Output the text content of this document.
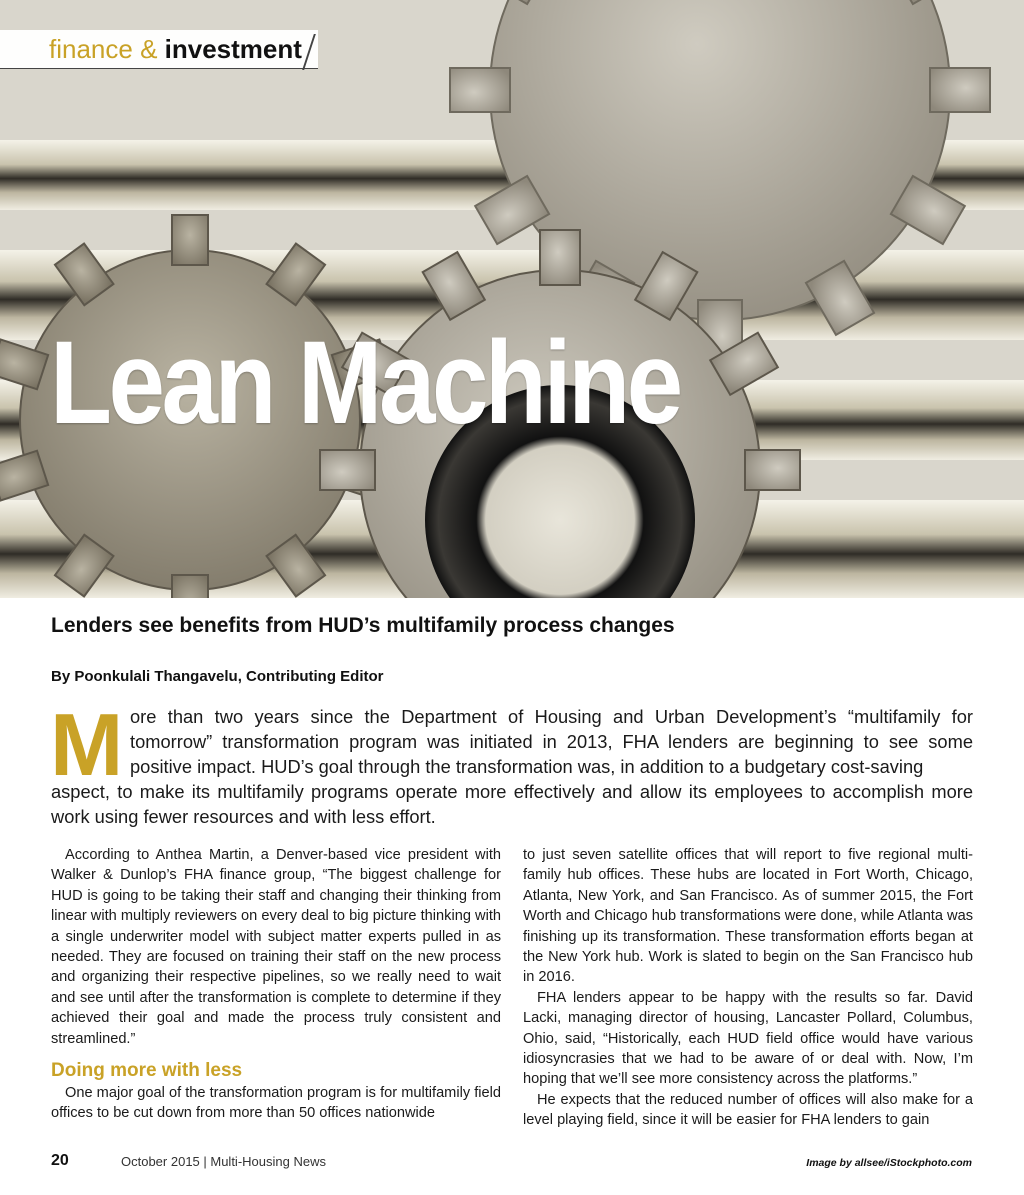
finance & investment
Lean Machine
Lenders see benefits from HUD’s multifamily process changes
By Poonkulali Thangavelu, Contributing Editor
M ore than two years since the Department of Housing and Urban Development’s “multifamily for tomorrow” transformation program was initiated in 2013, FHA lenders are beginning to see some positive impact. HUD’s goal through the transformation was, in addition to a budgetary cost-saving
aspect, to make its multifamily programs operate more effectively and allow its employees to accomplish more work using fewer resources and with less effort.

According to Anthea Martin, a Denver-based vice president with Walker & Dunlop’s FHA finance group, “The biggest challenge for HUD is going to be taking their staff and changing their thinking from linear with multiply reviewers on every deal to big picture thinking with a single underwriter model with subject matter experts pulled in as needed. They are focused on training their staff on the new process and organizing their respective pipelines, so we really need to wait and see until after the transformation is complete to determine if they achieved their goal and made the process truly consistent and streamlined.”

Doing more with less

One major goal of the transformation program is for multifamily field offices to be cut down from more than 50 offices nationwide

to just seven satellite offices that will report to five regional multi-family hub offices. These hubs are located in Fort Worth, Chicago, Atlanta, New York, and San Francisco. As of summer 2015, the Fort Worth and Chicago hub transformations were done, while Atlanta was finishing up its transformation. These transformation efforts began at the New York hub. Work is slated to begin on the San Francisco hub in 2016.

FHA lenders appear to be happy with the results so far. David Lacki, managing director of housing, Lancaster Pollard, Columbus, Ohio, said, “Historically, each HUD field office would have various idiosyncrasies that we had to be aware of or deal with. Now, I’m hoping that we’ll see more consistency across the platforms.”

He expects that the reduced number of offices will also make for a level playing field, since it will be easier for FHA lenders to gain

20	October 2015 | Multi-Housing News	Image by allsee/iStockphoto.com
